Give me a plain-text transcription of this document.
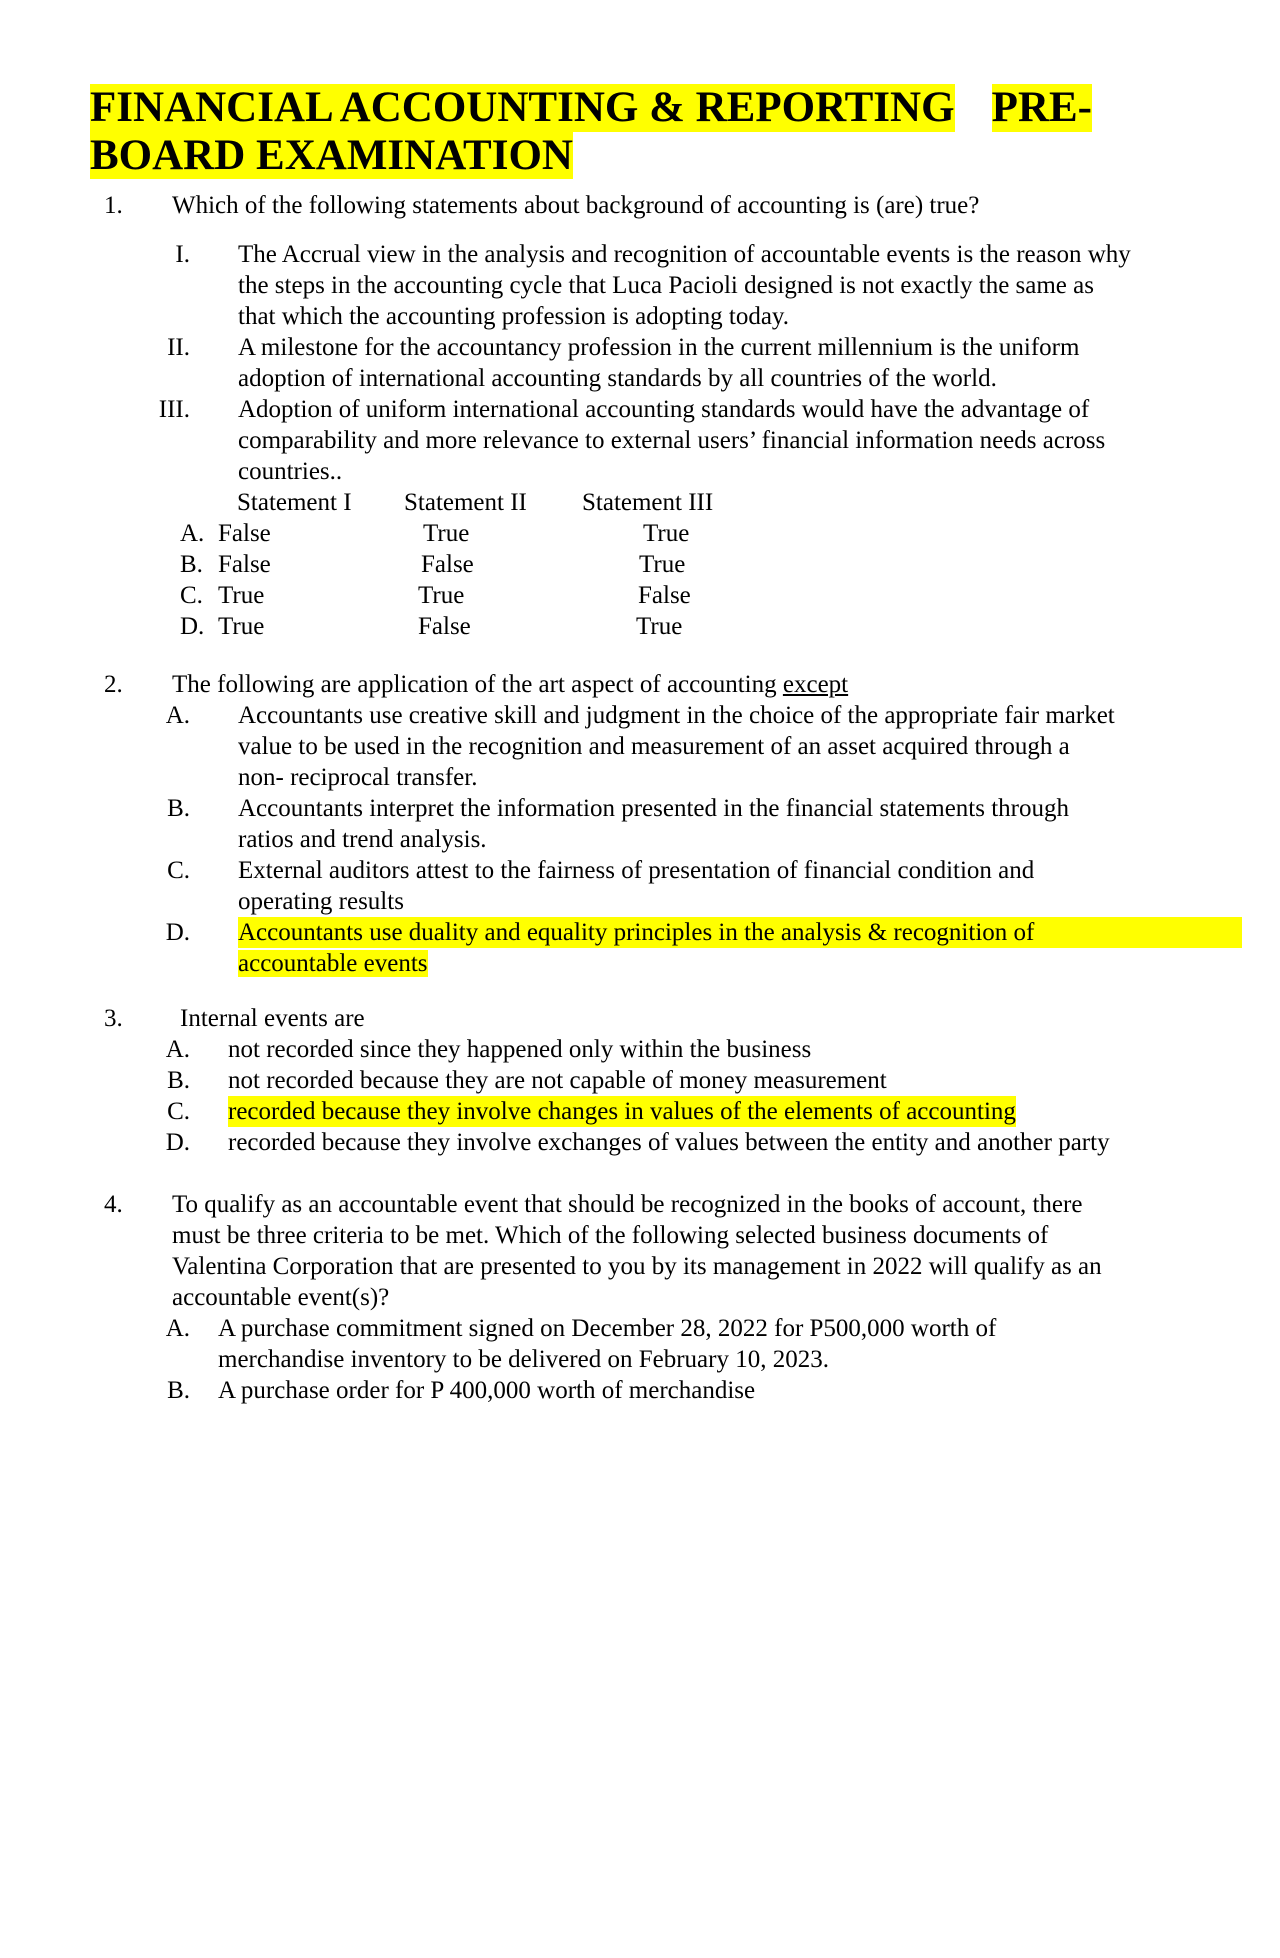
FINANCIAL ACCOUNTING & REPORTING PRE-
BOARD EXAMINATION
1. Which of the following statements about background of accounting is (are) true?
I. The Accrual view in the analysis and recognition of accountable events is the reason why
the steps in the accounting cycle that Luca Pacioli designed is not exactly the same as
that which the accounting profession is adopting today.
II. A milestone for the accountancy profession in the current millennium is the uniform
adoption of international accounting standards by all countries of the world.
III. Adoption of uniform international accounting standards would have the advantage of
comparability and more relevance to external users’ financial information needs across
countries..
Statement I Statement II Statement III
A. False	True	True
B. False	False	True
C. True	True	False
D. True	False	True
2. The following are application of the art aspect of accounting except
A. Accountants use creative skill and judgment in the choice of the appropriate fair market
value to be used in the recognition and measurement of an asset acquired through a
non- reciprocal transfer.
B. Accountants interpret the information presented in the financial statements through
ratios and trend analysis.
C. External auditors attest to the fairness of presentation of financial condition and
operating results
D. Accountants use duality and equality principles in the analysis & recognition of
accountable events
3. Internal events are
A. not recorded since they happened only within the business
B. not recorded because they are not capable of money measurement
C. recorded because they involve changes in values of the elements of accounting
D. recorded because they involve exchanges of values between the entity and another party
4. To qualify as an accountable event that should be recognized in the books of account, there
must be three criteria to be met. Which of the following selected business documents of
Valentina Corporation that are presented to you by its management in 2022 will qualify as an
accountable event(s)?
A. A purchase commitment signed on December 28, 2022 for P500,000 worth of
merchandise inventory to be delivered on February 10, 2023.
B. A purchase order for P 400,000 worth of merchandise
